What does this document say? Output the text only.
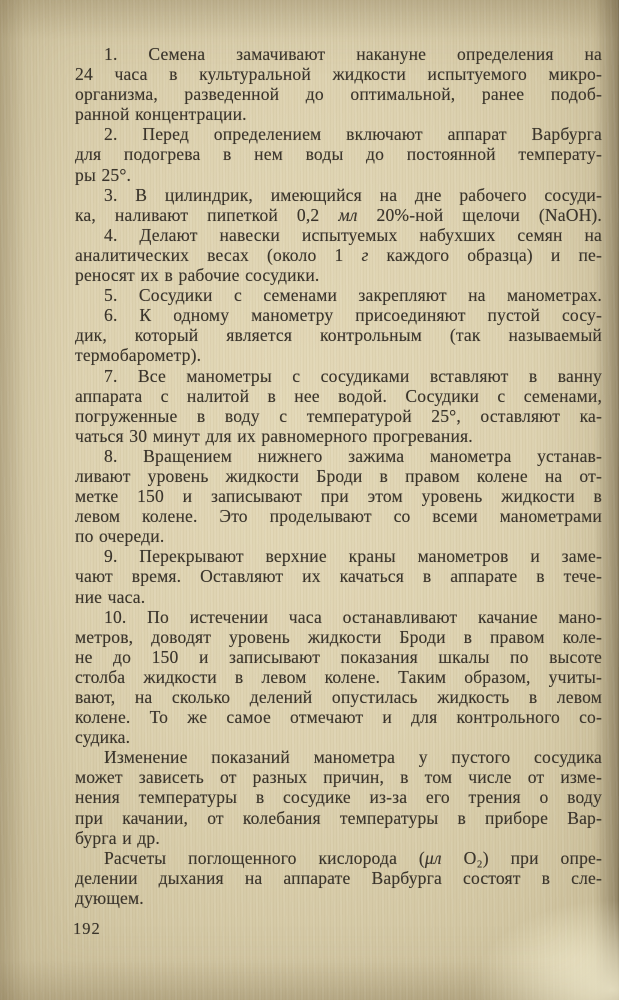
1. Семена замачивают накануне определения на
24 часа в культуральной жидкости испытуемого микро-
организма, разведенной до оптимальной, ранее подоб-
ранной концентрации.
2. Перед определением включают аппарат Варбурга
для подогрева в нем воды до постоянной температу-
ры 25°.
3. В цилиндрик, имеющийся на дне рабочего сосуди-
ка, наливают пипеткой 0,2 мл 20%-ной щелочи (NaOH).
4. Делают навески испытуемых набухших семян на
аналитических весах (около 1 г каждого образца) и пе-
реносят их в рабочие сосудики.
5. Сосудики с семенами закрепляют на манометрах.
6. К одному манометру присоединяют пустой сосу-
дик, который является контрольным (так называемый
термобарометр).
7. Все манометры с сосудиками вставляют в ванну
аппарата с налитой в нее водой. Сосудики с семенами,
погруженные в воду с температурой 25°, оставляют ка-
чаться 30 минут для их равномерного прогревания.
8. Вращением нижнего зажима манометра устанав-
ливают уровень жидкости Броди в правом колене на от-
метке 150 и записывают при этом уровень жидкости в
левом колене. Это проделывают со всеми манометрами
по очереди.
9. Перекрывают верхние краны манометров и заме-
чают время. Оставляют их качаться в аппарате в тече-
ние часа.
10. По истечении часа останавливают качание мано-
метров, доводят уровень жидкости Броди в правом коле-
не до 150 и записывают показания шкалы по высоте
столба жидкости в левом колене. Таким образом, учиты-
вают, на сколько делений опустилась жидкость в левом
колене. То же самое отмечают и для контрольного со-
судика.
Изменение показаний манометра у пустого сосудика
может зависеть от разных причин, в том числе от изме-
нения температуры в сосудике из-за его трения о воду
при качании, от колебания температуры в приборе Вар-
бурга и др.
Расчеты поглощенного кислорода (μл O₂) при опре-
делении дыхания на аппарате Варбурга состоят в сле-
дующем.
192
